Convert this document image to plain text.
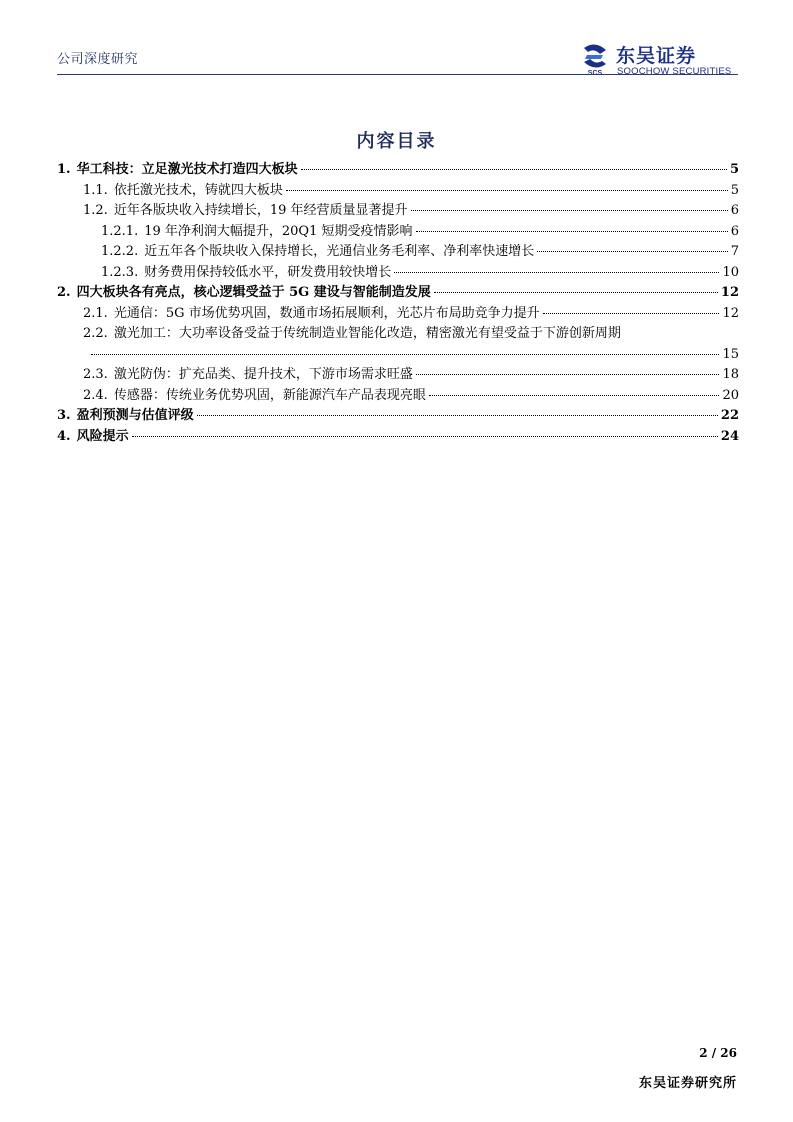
公司深度研究
SCS
东吴证券
SOOCHOW SECURITIES
内容目录
1. 华工科技：立足激光技术打造四大板块	5
1.1. 依托激光技术，铸就四大板块	5
1.2. 近年各版块收入持续增长，19 年经营质量显著提升	6
1.2.1. 19 年净利润大幅提升，20Q1 短期受疫情影响	6
1.2.2. 近五年各个版块收入保持增长，光通信业务毛利率、净利率快速增长	7
1.2.3. 财务费用保持较低水平，研发费用较快增长	10
2. 四大板块各有亮点，核心逻辑受益于 5G 建设与智能制造发展	12
2.1. 光通信：5G 市场优势巩固，数通市场拓展顺利，光芯片布局助竞争力提升	12
2.2. 激光加工：大功率设备受益于传统制造业智能化改造，精密激光有望受益于下游创新周期
15
2.3. 激光防伪：扩充品类、提升技术，下游市场需求旺盛	18
2.4. 传感器：传统业务优势巩固，新能源汽车产品表现亮眼	20
3. 盈利预测与估值评级	22
4. 风险提示	24
2 / 26
东吴证券研究所
